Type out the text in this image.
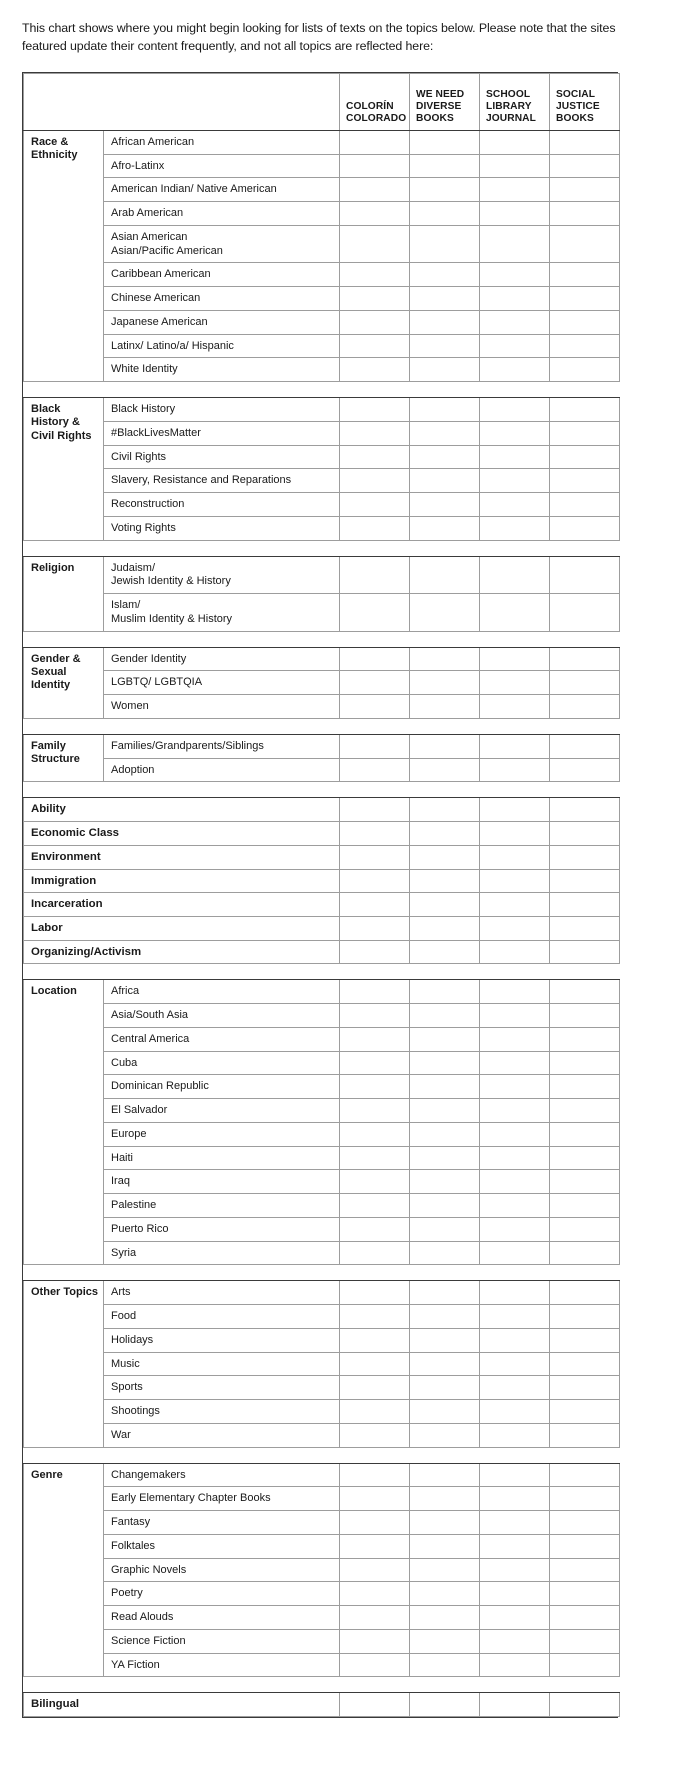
This chart shows where you might begin looking for lists of texts on the topics below. Please note that the sites featured update their content frequently, and not all topics are reflected here:

		COLORÍN COLORADO	WE NEED DIVERSE BOOKS	SCHOOL LIBRARY JOURNAL	SOCIAL JUSTICE BOOKS

Race & Ethnicity	African American				

	Afro-Latinx				

	American Indian/ Native American				

	Arab American				

	Asian American
Asian/Pacific American				

	Caribbean American				

	Chinese American				

	Japanese American				

	Latinx/ Latino/a/ Hispanic				

	White Identity				

Black History & Civil Rights	Black History				

	#BlackLivesMatter				

	Civil Rights				

	Slavery, Resistance and Reparations				

	Reconstruction				

	Voting Rights				

Religion	Judaism/
Jewish Identity & History				

	Islam/
Muslim Identity & History				

Gender & Sexual Identity	Gender Identity				

	LGBTQ/ LGBTQIA				

	Women				

Family Structure	Families/Grandparents/Siblings				

	Adoption				

Ability					

Economic Class					

Environment					

Immigration					

Incarceration					

Labor					

Organizing/Activism					

Location	Africa				

	Asia/South Asia				

	Central America				

	Cuba				

	Dominican Republic				

	El Salvador				

	Europe				

	Haiti				

	Iraq				

	Palestine				

	Puerto Rico				

	Syria				

Other Topics	Arts				

	Food				

	Holidays				

	Music				

	Sports				

	Shootings				

	War				

Genre	Changemakers				

	Early Elementary Chapter Books				

	Fantasy				

	Folktales				

	Graphic Novels				

	Poetry				

	Read Alouds				

	Science Fiction				

	YA Fiction				

Bilingual					
